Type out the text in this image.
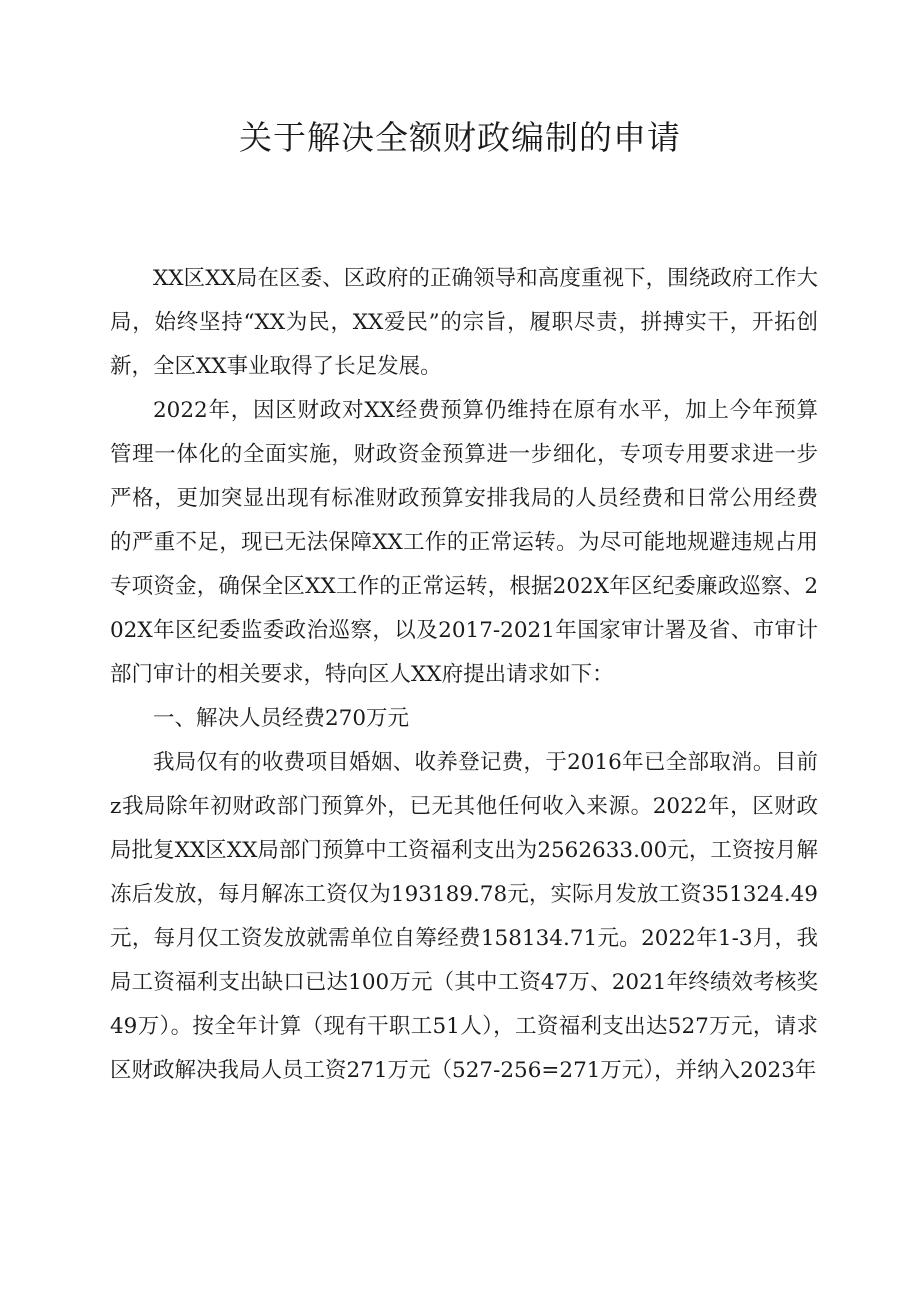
关于解决全额财政编制的申请

XX区XX局在区委、区政府的正确领导和高度重视下，围绕政府工作大局，始终坚持“XX为民，XX爱民”的宗旨，履职尽责，拼搏实干，开拓创新，全区XX事业取得了长足发展。

2022年，因区财政对XX经费预算仍维持在原有水平，加上今年预算管理一体化的全面实施，财政资金预算进一步细化，专项专用要求进一步严格，更加突显出现有标准财政预算安排我局的人员经费和日常公用经费的严重不足，现已无法保障XX工作的正常运转。为尽可能地规避违规占用专项资金，确保全区XX工作的正常运转，根据202X年区纪委廉政巡察、202X年区纪委监委政治巡察，以及2017-2021年国家审计署及省、市审计部门审计的相关要求，特向区人XX府提出请求如下：

一、解决人员经费270万元

我局仅有的收费项目婚姻、收养登记费，于2016年已全部取消。目前z我局除年初财政部门预算外，已无其他任何收入来源。2022年，区财政局批复XX区XX局部门预算中工资福利支出为2562633.00元，工资按月解冻后发放，每月解冻工资仅为193189.78元，实际月发放工资351324.49元，每月仅工资发放就需单位自筹经费158134.71元。2022年1-3月，我局工资福利支出缺口已达100万元（其中工资47万、2021年终绩效考核奖49万）。按全年计算（现有干职工51人），工资福利支出达527万元，请求区财政解决我局人员工资271万元（527-256=271万元），并纳入2023年
